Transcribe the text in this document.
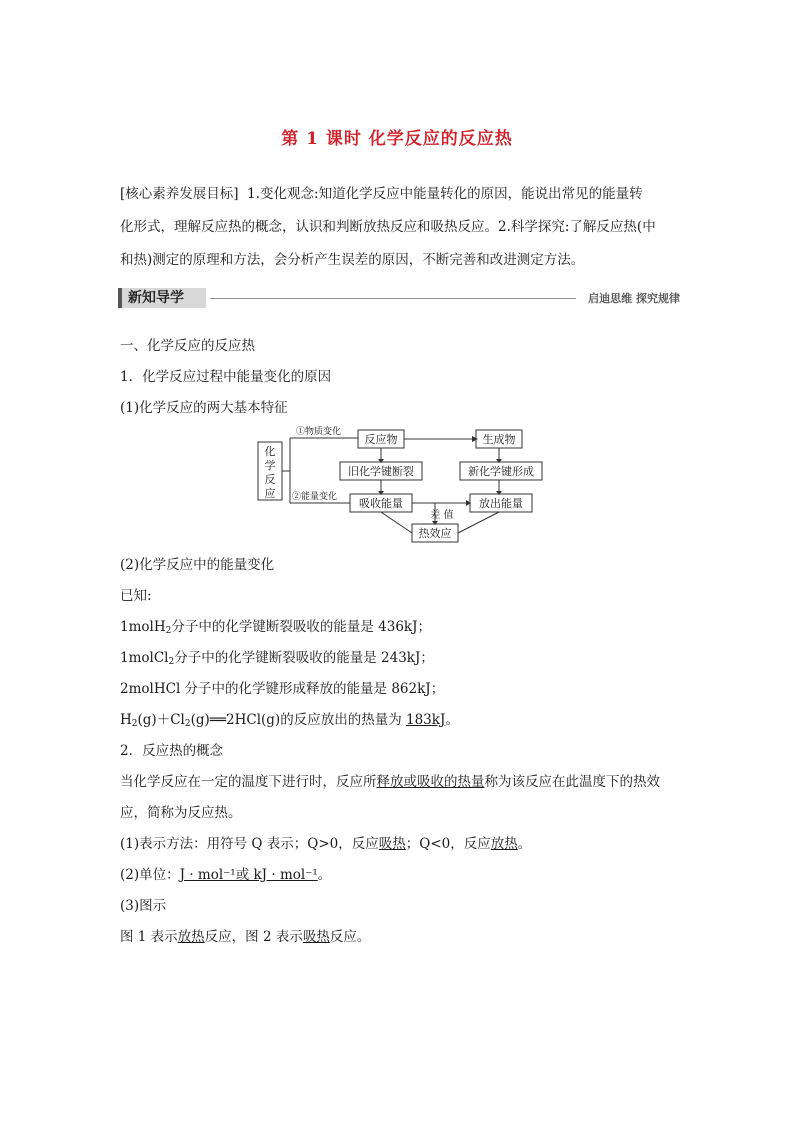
第 1 课时 化学反应的反应热
[核心素养发展目标] 1.变化观念:知道化学反应中能量转化的原因，能说出常见的能量转
化形式，理解反应热的概念，认识和判断放热反应和吸热反应。2.科学探究:了解反应热(中
和热)测定的原理和方法，会分析产生误差的原因，不断完善和改进测定方法。
新知导学	启迪思维 探究规律
一、化学反应的反应热
1．化学反应过程中能量变化的原因
(1)化学反应的两大基本特征
化
学
反
应
反应物	生成物
旧化学键断裂	新化学键形成
吸收能量	放出能量
热效应
差 值
①物质变化
②能量变化
(2)化学反应中的能量变化
已知:
1molH$_2$分子中的化学键断裂吸收的能量是 436kJ；
1molCl$_2$分子中的化学键断裂吸收的能量是 243kJ；
2molHCl 分子中的化学键形成释放的能量是 862kJ；
$H_2(g)+Cl_2(g)══2HCl(g)$的反应放出的热量为 183kJ。
2．反应热的概念
当化学反应在一定的温度下进行时，反应所释放或吸收的热量称为该反应在此温度下的热效
应，简称为反应热。
(1)表示方法：用符号 Q 表示；Q>0，反应吸热；Q<0，反应放热。
(2)单位：J · mol⁻¹或 kJ · mol⁻¹。
(3)图示
图 1 表示放热反应，图 2 表示吸热反应。
